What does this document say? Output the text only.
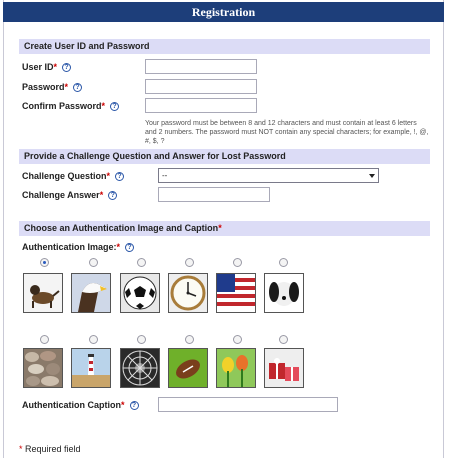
Registration
Create User ID and Password
User ID* ?
Password* ?
Confirm Password* ?
Your password must be between 8 and 12 characters and must contain at least 6 letters and 2 numbers. The password must NOT contain any special characters; for example, !, @, #, $, ?
Provide a Challenge Question and Answer for Lost Password
Challenge Question* ?	--
Challenge Answer* ?
Choose an Authentication Image and Caption*
Authentication Image:* ?
Authentication Caption* ?
* Required field
